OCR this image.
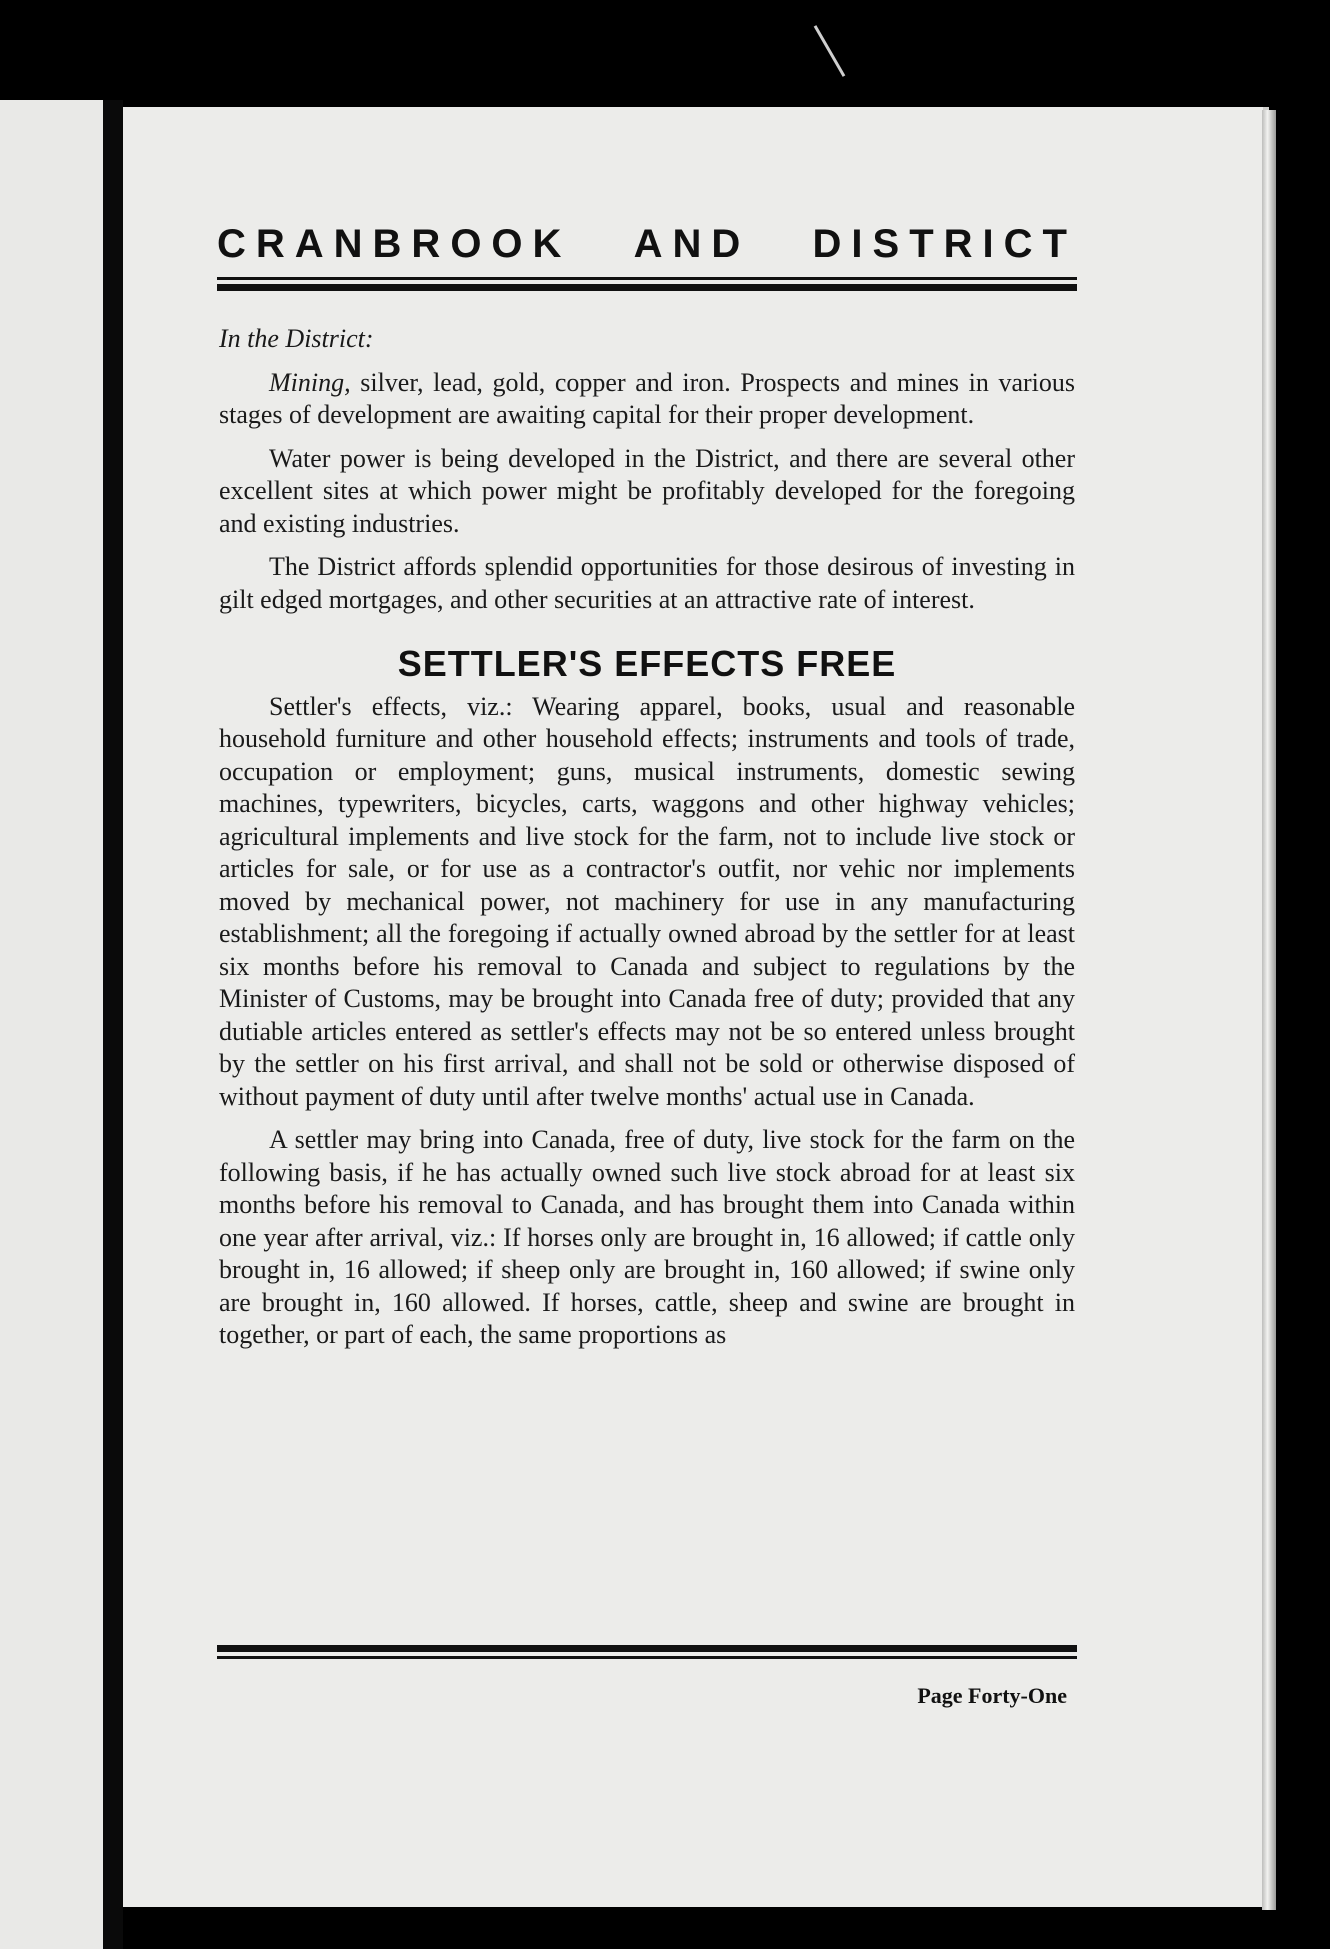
CRANBROOK AND DISTRICT

In the District:

Mining, silver, lead, gold, copper and iron. Prospects and mines in various stages of development are awaiting capital for their proper development.

Water power is being developed in the District, and there are several other excellent sites at which power might be profitably developed for the foregoing and existing industries.

The District affords splendid opportunities for those desirous of investing in gilt edged mortgages, and other securities at an attractive rate of interest.

SETTLER'S EFFECTS FREE

Settler's effects, viz.: Wearing apparel, books, usual and reasonable household furniture and other household effects; instruments and tools of trade, occupation or employment; guns, musical instruments, domestic sewing machines, typewriters, bicycles, carts, waggons and other highway vehicles; agricultural implements and live stock for the farm, not to include live stock or articles for sale, or for use as a contractor's outfit, nor vehic nor implements moved by mechanical power, not machinery for use in any manufacturing establishment; all the foregoing if actually owned abroad by the settler for at least six months before his removal to Canada and subject to regulations by the Minister of Customs, may be brought into Canada free of duty; provided that any dutiable articles entered as settler's effects may not be so entered unless brought by the settler on his first arrival, and shall not be sold or otherwise disposed of without payment of duty until after twelve months' actual use in Canada.

A settler may bring into Canada, free of duty, live stock for the farm on the following basis, if he has actually owned such live stock abroad for at least six months before his removal to Canada, and has brought them into Canada within one year after arrival, viz.: If horses only are brought in, 16 allowed; if cattle only brought in, 16 allowed; if sheep only are brought in, 160 allowed; if swine only are brought in, 160 allowed. If horses, cattle, sheep and swine are brought in together, or part of each, the same proportions as

Page Forty-One
